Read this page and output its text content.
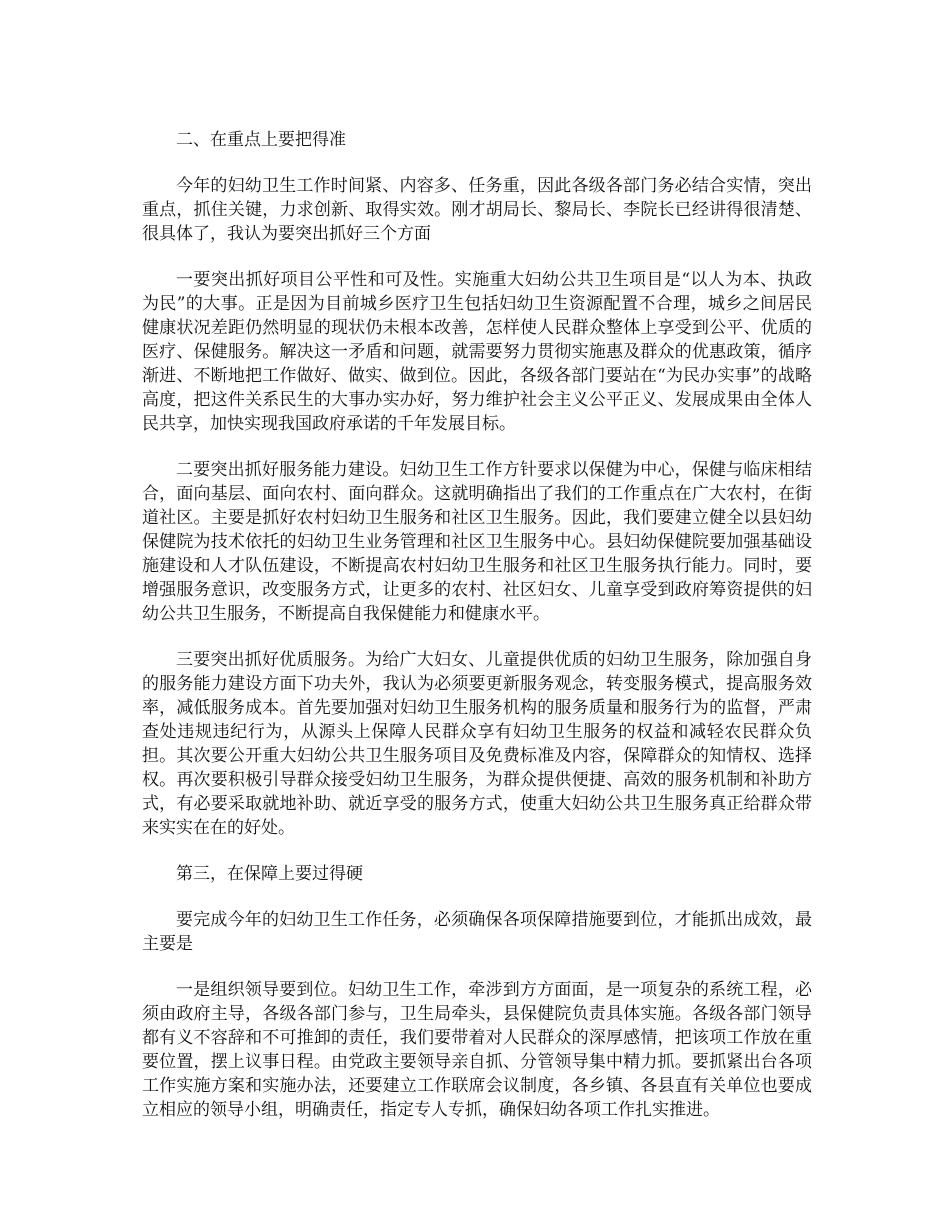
二、在重点上要把得准

今年的妇幼卫生工作时间紧、内容多、任务重，因此各级各部门务必结合实情，突出重点，抓住关键，力求创新、取得实效。刚才胡局长、黎局长、李院长已经讲得很清楚、很具体了，我认为要突出抓好三个方面

一要突出抓好项目公平性和可及性。实施重大妇幼公共卫生项目是“以人为本、执政为民”的大事。正是因为目前城乡医疗卫生包括妇幼卫生资源配置不合理，城乡之间居民健康状况差距仍然明显的现状仍未根本改善，怎样使人民群众整体上享受到公平、优质的医疗、保健服务。解决这一矛盾和问题，就需要努力贯彻实施惠及群众的优惠政策，循序渐进、不断地把工作做好、做实、做到位。因此，各级各部门要站在“为民办实事”的战略高度，把这件关系民生的大事办实办好，努力维护社会主义公平正义、发展成果由全体人民共享，加快实现我国政府承诺的千年发展目标。

二要突出抓好服务能力建设。妇幼卫生工作方针要求以保健为中心，保健与临床相结合，面向基层、面向农村、面向群众。这就明确指出了我们的工作重点在广大农村，在街道社区。主要是抓好农村妇幼卫生服务和社区卫生服务。因此，我们要建立健全以县妇幼保健院为技术依托的妇幼卫生业务管理和社区卫生服务中心。县妇幼保健院要加强基础设施建设和人才队伍建设，不断提高农村妇幼卫生服务和社区卫生服务执行能力。同时，要增强服务意识，改变服务方式，让更多的农村、社区妇女、儿童享受到政府筹资提供的妇幼公共卫生服务，不断提高自我保健能力和健康水平。

三要突出抓好优质服务。为给广大妇女、儿童提供优质的妇幼卫生服务，除加强自身的服务能力建设方面下功夫外，我认为必须要更新服务观念，转变服务模式，提高服务效率，减低服务成本。首先要加强对妇幼卫生服务机构的服务质量和服务行为的监督，严肃查处违规违纪行为，从源头上保障人民群众享有妇幼卫生服务的权益和减轻农民群众负担。其次要公开重大妇幼公共卫生服务项目及免费标准及内容，保障群众的知情权、选择权。再次要积极引导群众接受妇幼卫生服务，为群众提供便捷、高效的服务机制和补助方式，有必要采取就地补助、就近享受的服务方式，使重大妇幼公共卫生服务真正给群众带来实实在在的好处。

第三，在保障上要过得硬

要完成今年的妇幼卫生工作任务，必须确保各项保障措施要到位，才能抓出成效，最主要是

一是组织领导要到位。妇幼卫生工作，牵涉到方方面面，是一项复杂的系统工程，必须由政府主导，各级各部门参与，卫生局牵头，县保健院负责具体实施。各级各部门领导都有义不容辞和不可推卸的责任，我们要带着对人民群众的深厚感情，把该项工作放在重要位置，摆上议事日程。由党政主要领导亲自抓、分管领导集中精力抓。要抓紧出台各项工作实施方案和实施办法，还要建立工作联席会议制度，各乡镇、各县直有关单位也要成立相应的领导小组，明确责任，指定专人专抓，确保妇幼各项工作扎实推进。
